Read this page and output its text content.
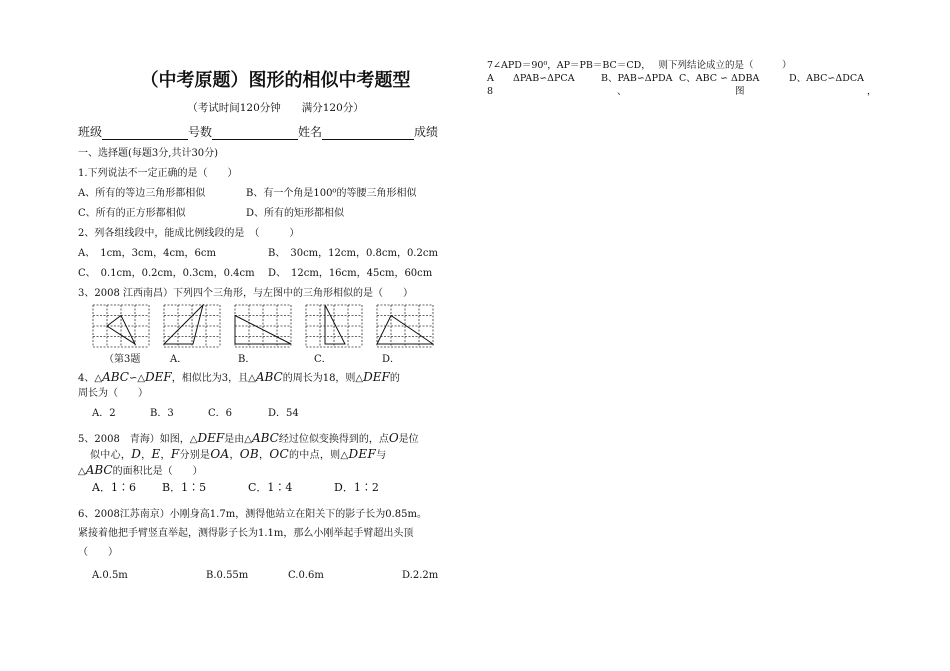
（中考原题）图形的相似中考题型
（考试时间120分钟　　满分120分）
班级	号数	姓名	成绩
一、选择题(每题3分,共计30分)
1.下列说法不一定正确的是（　　）
A、所有的等边三角形都相似	B、有一个角是100⁰的等腰三角形相似
C、所有的正方形都相似	D、所有的矩形都相似
2、列各组线段中，能成比例线段的是　（　　　）
A、　1cm，3cm，4cm，6cm	B、　30cm，12cm，0.8cm，0.2cm
C、　0.1cm，0.2cm，0.3cm，0.4cm	D、　12cm，16cm，45cm，60cm
3、2008 江西南昌）下列四个三角形，与左图中的三角形相似的是（　　）
（第3题	A．	B．	C．	D．
4、△ABC∽△DEF，相似比为3，且△ABC的周长为18，则△DEF的
周长为（　　）
A．2	B．3	C．6	D．54
5、2008　青海）如图，△DEF是由△ABC经过位似变换得到的，点O是位
似中心，D，E，F分别是OA，OB，OC的中点，则△DEF与
△ABC的面积比是（　　）
A．1∶6	B．1∶5	C．1∶4	D．1∶2
6、2008江苏南京）小刚身高1.7m，测得他站立在阳关下的影子长为0.85m。
紧接着他把手臂竖直举起，测得影子长为1.1m，那么小刚举起手臂超出头顶
（　　）
A.0.5m	B.0.55m	C.0.6m	D.2.2m
7∠APD＝90⁰，AP＝PB＝BC＝CD，　 则下列结论成立的是（　　　）
A	ΔPAB∽ΔPCA	B、PAB∽ΔPDA C、ABC ∽ ΔDBA	D、ABC∽ΔDCA
8	、	图	，
